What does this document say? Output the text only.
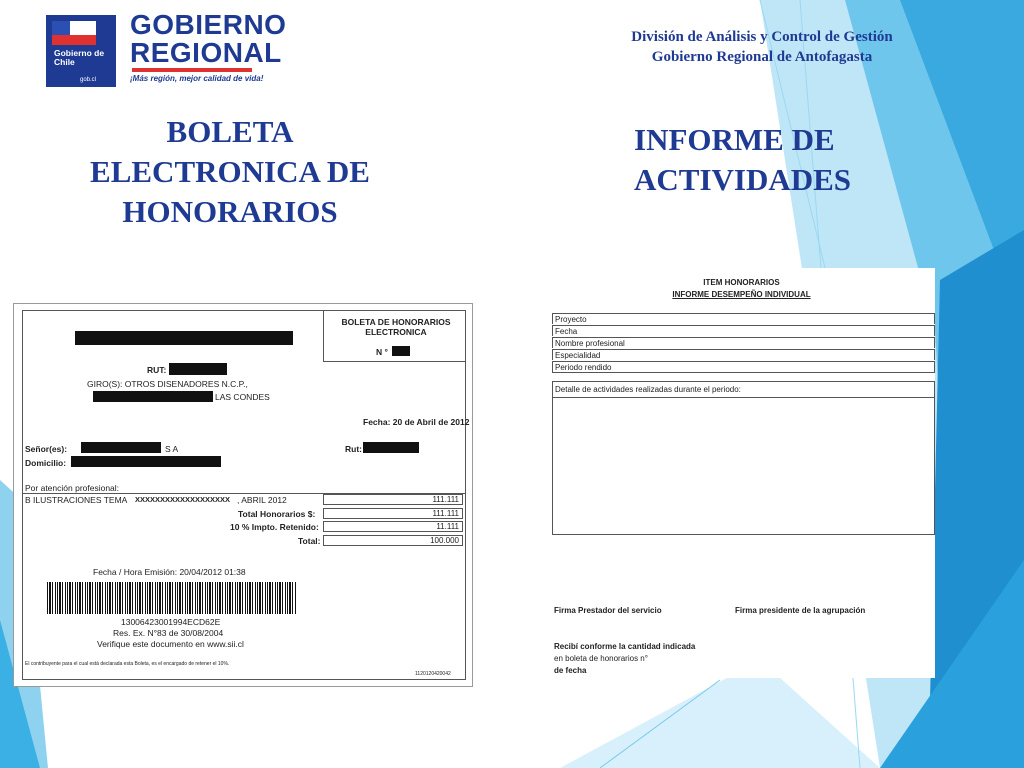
Gobierno de Chile
gob.cl
GOBIERNO
REGIONAL
¡Más región, mejor calidad de vida!
División de Análisis y Control de Gestión
Gobierno Regional de Antofagasta
BOLETA
ELECTRONICA DE
HONORARIOS
INFORME DE
ACTIVIDADES
BOLETA DE HONORARIOS ELECTRONICA
N °
RUT:
GIRO(S): OTROS DISENADORES N.C.P.,
LAS CONDES
Fecha: 20 de Abril de 2012
Señor(es):	S A	Rut:
Domicilio:
Por atención profesional:
B ILUSTRACIONES TEMA XXXXXXXXXXXXXXXXXXX , ABRIL 2012	111.111
Total Honorarios $:	111.111
10 % Impto. Retenido:	11.111
Total:	100.000
Fecha / Hora Emisión: 20/04/2012 01:38
13006423001994ECD62E
Res. Ex. N°83 de 30/08/2004
Verifique este documento en www.sii.cl
El contribuyente para el cual está declarada esta Boleta, es el encargado de retener el 10%.
1120120420042
ITEM HONORARIOS
INFORME DESEMPEÑO INDIVIDUAL
Proyecto
Fecha
Nombre profesional
Especialidad
Periodo rendido
Detalle de actividades realizadas durante el periodo:
Firma Prestador del servicio	Firma presidente de la agrupación
Recibí conforme la cantidad indicada
en boleta de honorarios n°
de fecha
